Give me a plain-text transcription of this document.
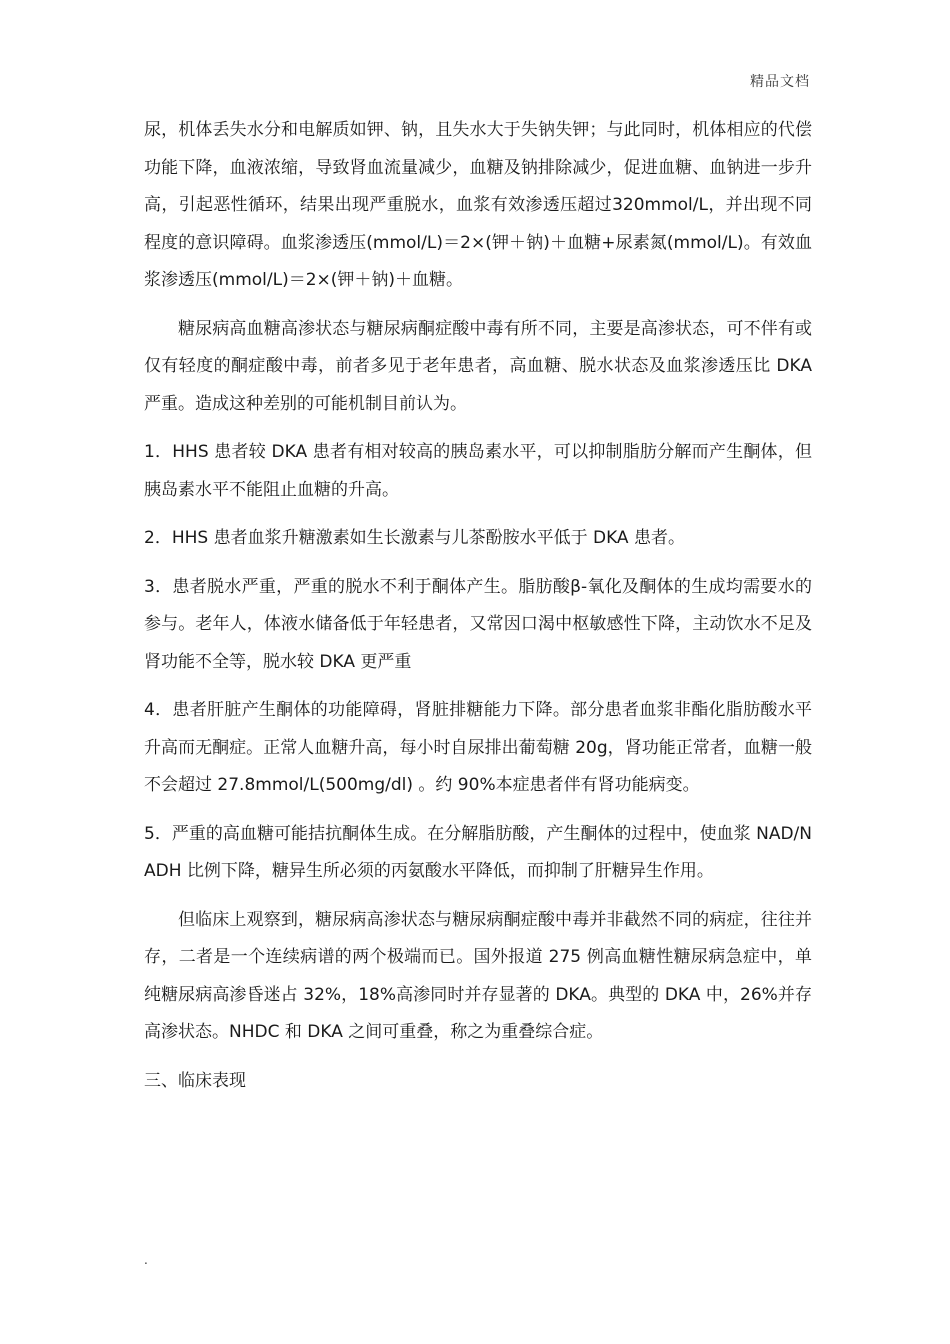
精品文档

尿，机体丢失水分和电解质如钾、钠，且失水大于失钠失钾；与此同时，机体相应的代偿功能下降，血液浓缩，导致肾血流量减少，血糖及钠排除减少，促进血糖、血钠进一步升高，引起恶性循环，结果出现严重脱水，血浆有效渗透压超过320mmol/L，并出现不同程度的意识障碍。血浆渗透压(mmol/L)＝2×(钾＋钠)＋血糖+尿素氮(mmol/L)。有效血浆渗透压(mmol/L)＝2×(钾＋钠)＋血糖。

糖尿病高血糖高渗状态与糖尿病酮症酸中毒有所不同，主要是高渗状态，可不伴有或仅有轻度的酮症酸中毒，前者多见于老年患者，高血糖、脱水状态及血浆渗透压比 DKA 严重。造成这种差别的可能机制目前认为。

1．HHS 患者较 DKA 患者有相对较高的胰岛素水平，可以抑制脂肪分解而产生酮体，但胰岛素水平不能阻止血糖的升高。

2．HHS 患者血浆升糖激素如生长激素与儿茶酚胺水平低于 DKA 患者。

3．患者脱水严重，严重的脱水不利于酮体产生。脂肪酸β-氧化及酮体的生成均需要水的参与。老年人，体液水储备低于年轻患者，又常因口渴中枢敏感性下降，主动饮水不足及肾功能不全等，脱水较 DKA 更严重

4．患者肝脏产生酮体的功能障碍，肾脏排糖能力下降。部分患者血浆非酯化脂肪酸水平升高而无酮症。正常人血糖升高，每小时自尿排出葡萄糖 20g，肾功能正常者，血糖一般不会超过 27.8mmol/L(500mg/dl) 。约 90%本症患者伴有肾功能病变。

5．严重的高血糖可能拮抗酮体生成。在分解脂肪酸，产生酮体的过程中，使血浆 NAD/NADH 比例下降，糖异生所必须的丙氨酸水平降低，而抑制了肝糖异生作用。

但临床上观察到，糖尿病高渗状态与糖尿病酮症酸中毒并非截然不同的病症，往往并存，二者是一个连续病谱的两个极端而已。国外报道 275 例高血糖性糖尿病急症中，单纯糖尿病高渗昏迷占 32%，18%高渗同时并存显著的 DKA。典型的 DKA 中，26%并存高渗状态。NHDC 和 DKA 之间可重叠，称之为重叠综合症。

三、临床表现

.
